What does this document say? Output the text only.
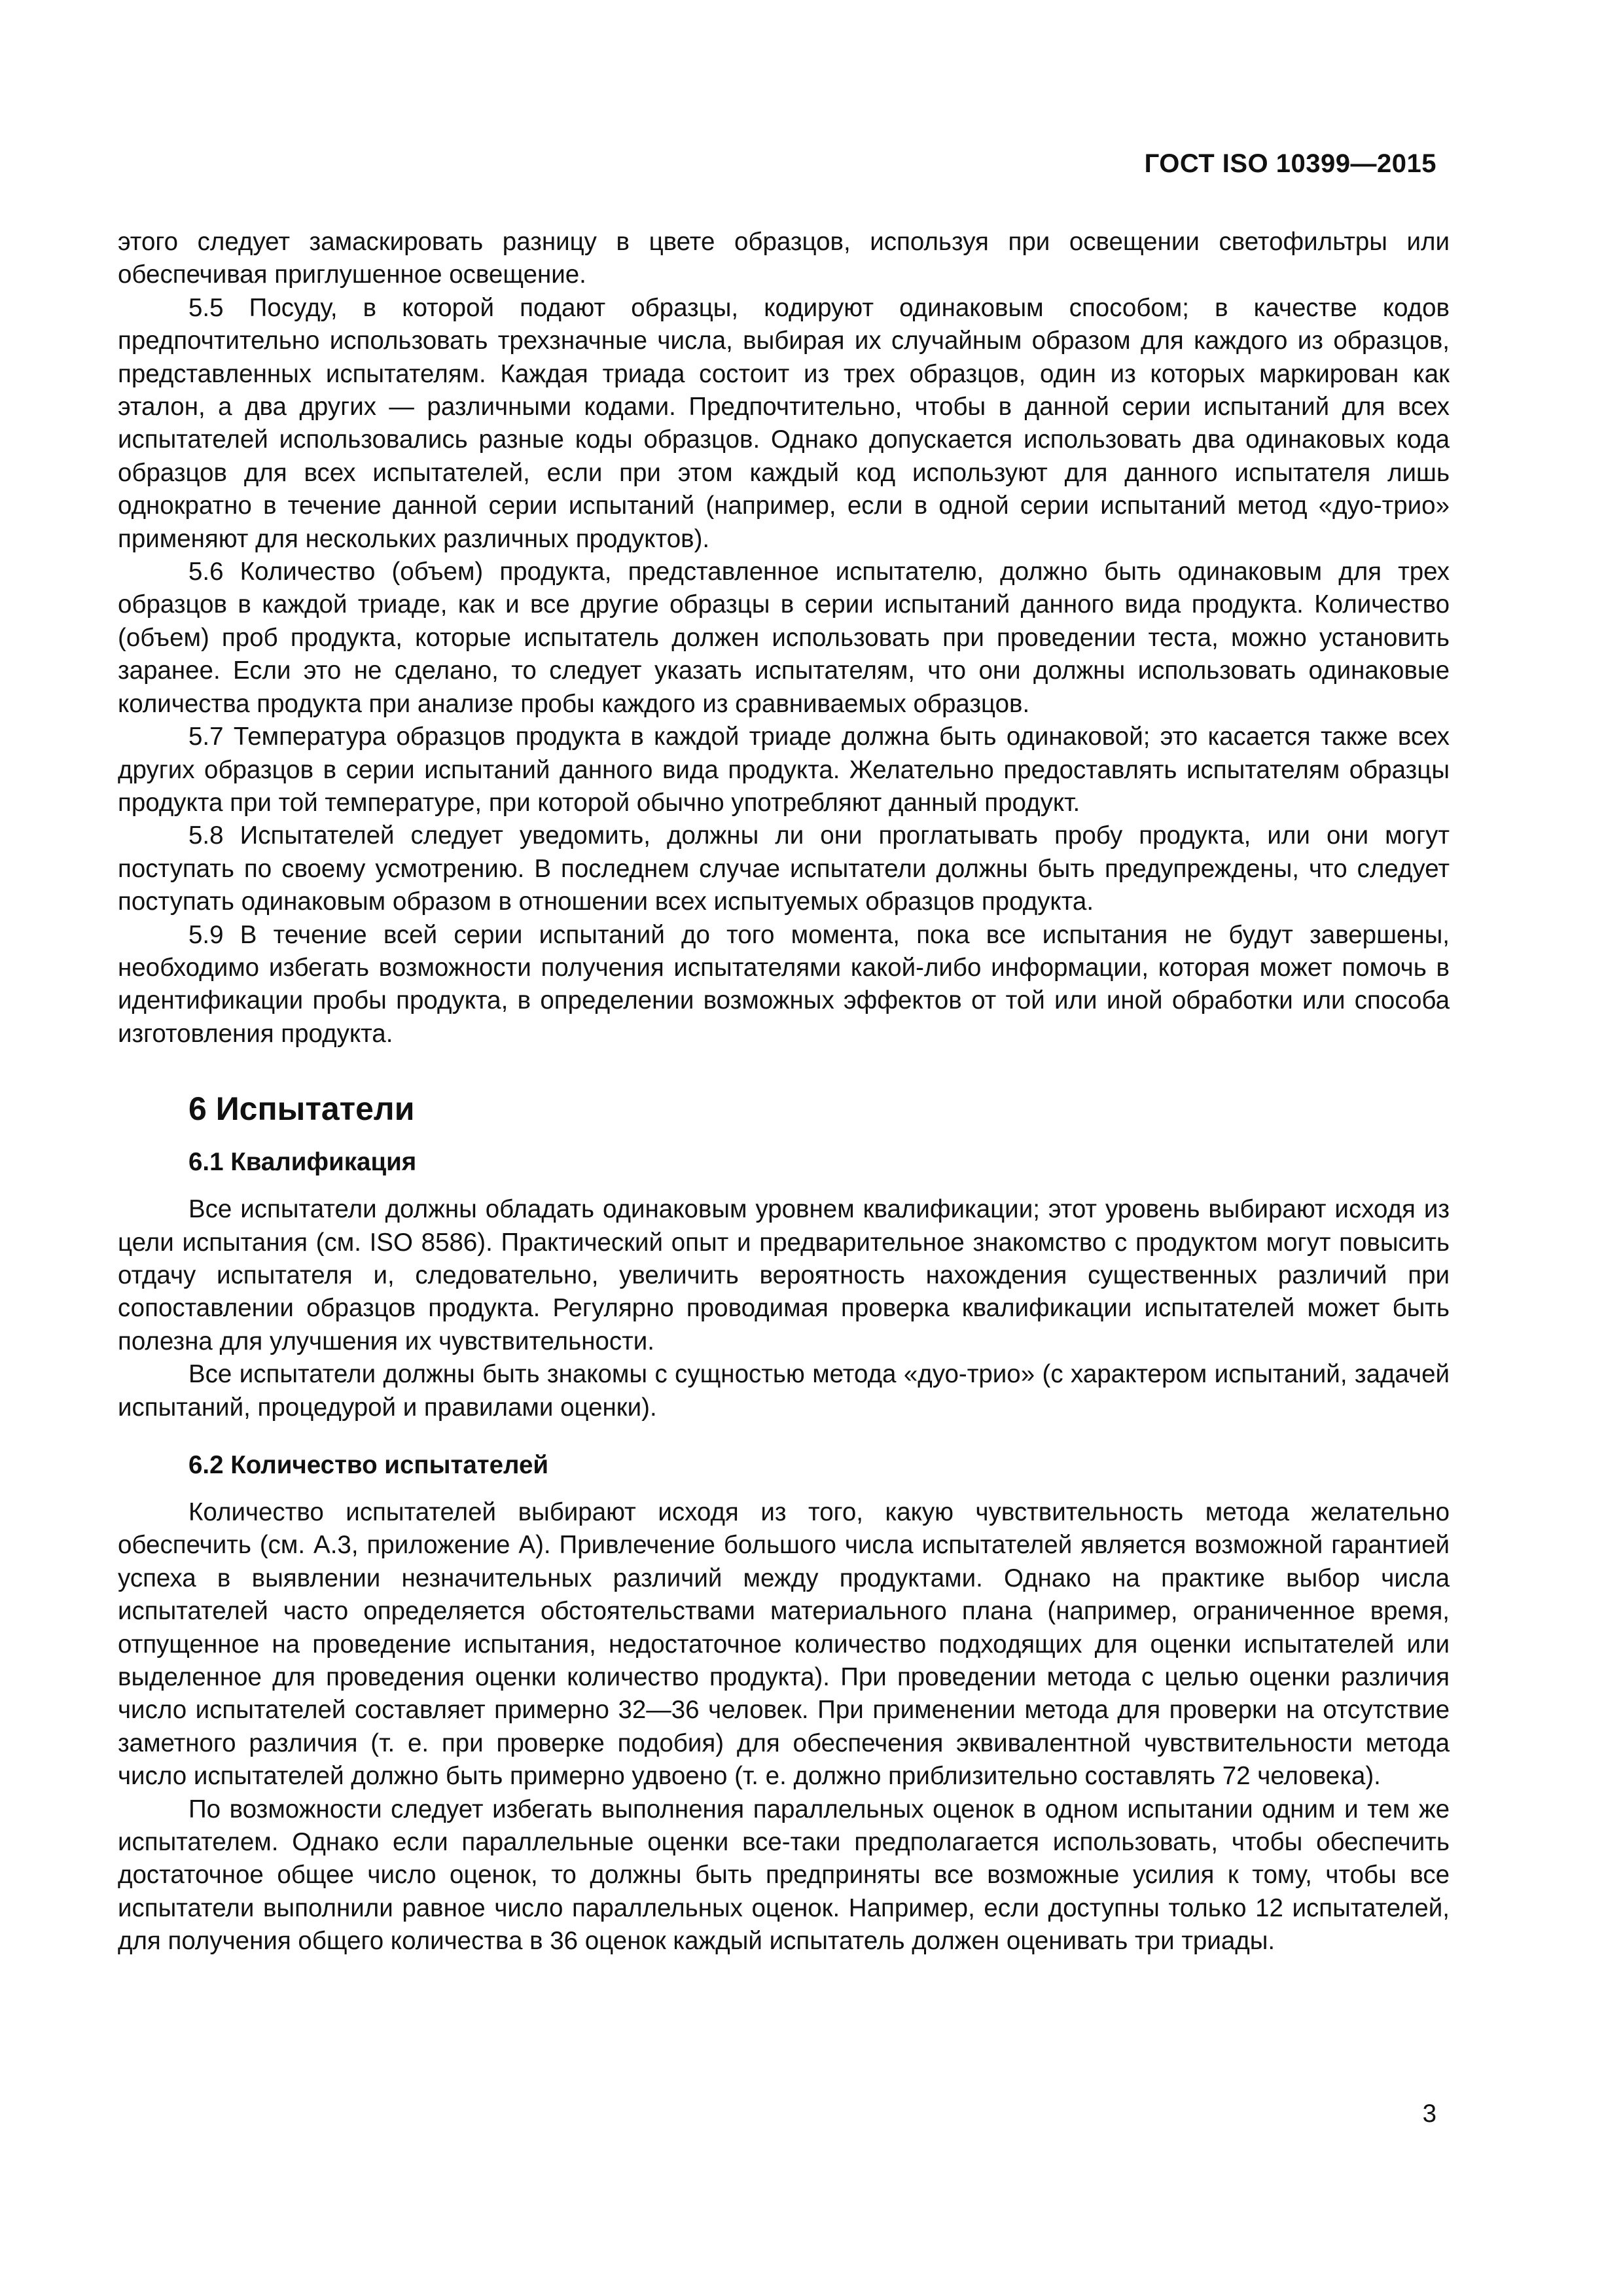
ГОСТ ISO 10399—2015

этого следует замаскировать разницу в цвете образцов, используя при освещении светофильтры или обеспечивая приглушенное освещение.

5.5 Посуду, в которой подают образцы, кодируют одинаковым способом; в качестве кодов предпочтительно использовать трехзначные числа, выбирая их случайным образом для каждого из образцов, представленных испытателям. Каждая триада состоит из трех образцов, один из которых маркирован как эталон, а два других — различными кодами. Предпочтительно, чтобы в данной серии испытаний для всех испытателей использовались разные коды образцов. Однако допускается использовать два одинаковых кода образцов для всех испытателей, если при этом каждый код используют для данного испытателя лишь однократно в течение данной серии испытаний (например, если в одной серии испытаний метод «дуо-трио» применяют для нескольких различных продуктов).

5.6 Количество (объем) продукта, представленное испытателю, должно быть одинаковым для трех образцов в каждой триаде, как и все другие образцы в серии испытаний данного вида продукта. Количество (объем) проб продукта, которые испытатель должен использовать при проведении теста, можно установить заранее. Если это не сделано, то следует указать испытателям, что они должны использовать одинаковые количества продукта при анализе пробы каждого из сравниваемых образцов.

5.7 Температура образцов продукта в каждой триаде должна быть одинаковой; это касается также всех других образцов в серии испытаний данного вида продукта. Желательно предоставлять испытателям образцы продукта при той температуре, при которой обычно употребляют данный продукт.

5.8 Испытателей следует уведомить, должны ли они проглатывать пробу продукта, или они могут поступать по своему усмотрению. В последнем случае испытатели должны быть предупреждены, что следует поступать одинаковым образом в отношении всех испытуемых образцов продукта.

5.9 В течение всей серии испытаний до того момента, пока все испытания не будут завершены, необходимо избегать возможности получения испытателями какой-либо информации, которая может помочь в идентификации пробы продукта, в определении возможных эффектов от той или иной обработки или способа изготовления продукта.

6 Испытатели
6.1 Квалификация

Все испытатели должны обладать одинаковым уровнем квалификации; этот уровень выбирают исходя из цели испытания (см. ISO 8586). Практический опыт и предварительное знакомство с продуктом могут повысить отдачу испытателя и, следовательно, увеличить вероятность нахождения существенных различий при сопоставлении образцов продукта. Регулярно проводимая проверка квалификации испытателей может быть полезна для улучшения их чувствительности.

Все испытатели должны быть знакомы с сущностью метода «дуо-трио» (с характером испытаний, задачей испытаний, процедурой и правилами оценки).

6.2 Количество испытателей

Количество испытателей выбирают исходя из того, какую чувствительность метода желательно обеспечить (см. А.3, приложение А). Привлечение большого числа испытателей является возможной гарантией успеха в выявлении незначительных различий между продуктами. Однако на практике выбор числа испытателей часто определяется обстоятельствами материального плана (например, ограниченное время, отпущенное на проведение испытания, недостаточное количество подходящих для оценки испытателей или выделенное для проведения оценки количество продукта). При проведении метода с целью оценки различия число испытателей составляет примерно 32—36 человек. При применении метода для проверки на отсутствие заметного различия (т. е. при проверке подобия) для обеспечения эквивалентной чувствительности метода число испытателей должно быть примерно удвоено (т. е. должно приблизительно составлять 72 человека).

По возможности следует избегать выполнения параллельных оценок в одном испытании одним и тем же испытателем. Однако если параллельные оценки все-таки предполагается использовать, чтобы обеспечить достаточное общее число оценок, то должны быть предприняты все возможные усилия к тому, чтобы все испытатели выполнили равное число параллельных оценок. Например, если доступны только 12 испытателей, для получения общего количества в 36 оценок каждый испытатель должен оценивать три триады.

3
